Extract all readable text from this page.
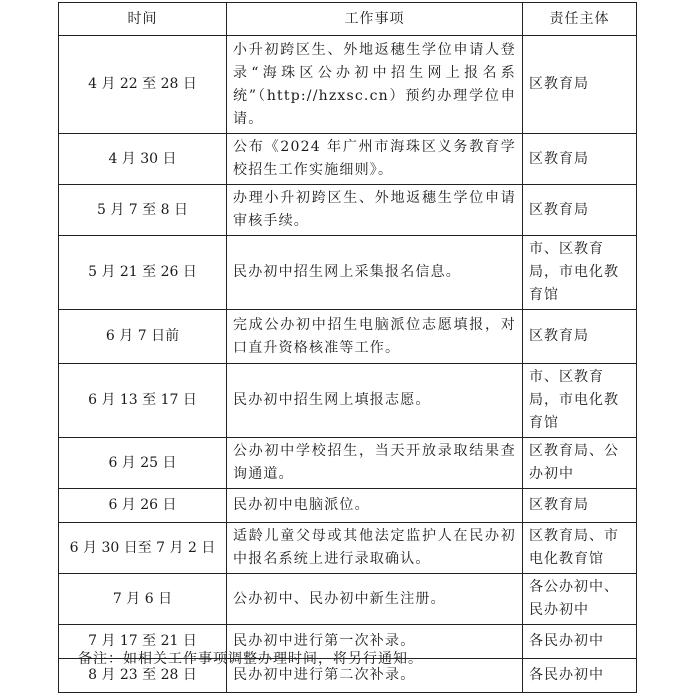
时间	工作事项	责任主体
4 月 22 至 28 日	小升初跨区生、外地返穗生学位申请人登录“海珠区公办初中招生网上报名系统”（http://hzxsc.cn）预约办理学位申请。	区教育局
4 月 30 日	公布《2024 年广州市海珠区义务教育学校招生工作实施细则》。	区教育局
5 月 7 至 8 日	办理小升初跨区生、外地返穗生学位申请审核手续。	区教育局
5 月 21 至 26 日	民办初中招生网上采集报名信息。	市、区教育局，市电化教育馆
6 月 7 日前	完成公办初中招生电脑派位志愿填报，对口直升资格核准等工作。	区教育局
6 月 13 至 17 日	民办初中招生网上填报志愿。	市、区教育局，市电化教育馆
6 月 25 日	公办初中学校招生，当天开放录取结果查询通道。	区教育局、公办初中
6 月 26 日	民办初中电脑派位。	区教育局
6 月 30 日至 7 月 2 日	适龄儿童父母或其他法定监护人在民办初中报名系统上进行录取确认。	区教育局、市电化教育馆
7 月 6 日	公办初中、民办初中新生注册。	各公办初中、民办初中
7 月 17 至 21 日	民办初中进行第一次补录。	各民办初中
8 月 23 至 28 日	民办初中进行第二次补录。	各民办初中
备注：如相关工作事项调整办理时间，将另行通知。
